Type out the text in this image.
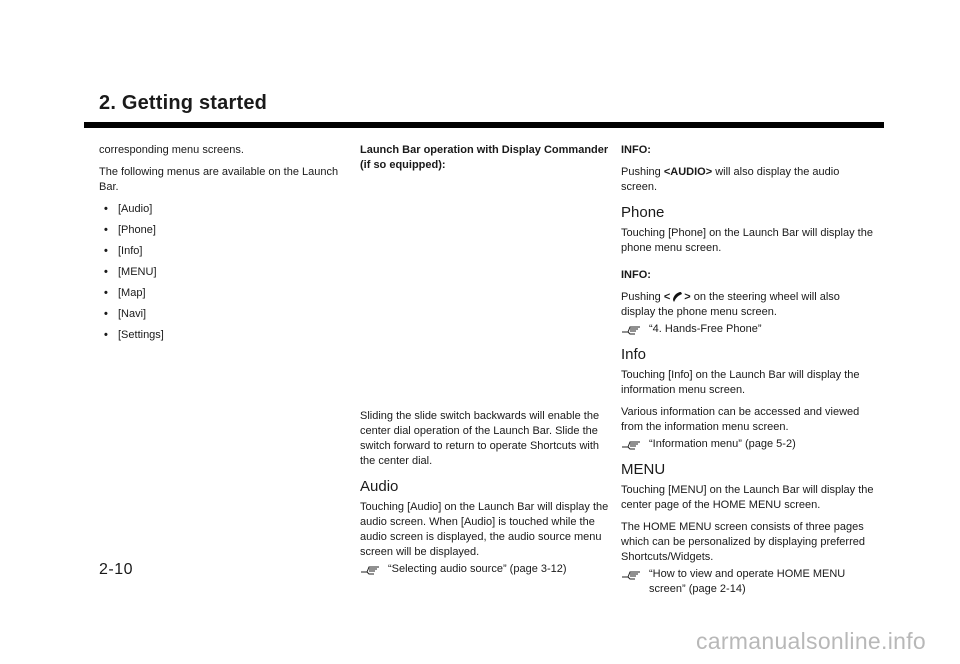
2. Getting started

corresponding menu screens.

The following menus are available on the Launch Bar.

• [Audio]
• [Phone]
• [Info]
• [MENU]
• [Map]
• [Navi]
• [Settings]

Launch Bar operation with Display Commander (if so equipped):

Sliding the slide switch backwards will enable the center dial operation of the Launch Bar. Slide the switch forward to return to operate Shortcuts with the center dial.

Audio

Touching [Audio] on the Launch Bar will display the audio screen. When [Audio] is touched while the audio screen is displayed, the audio source menu screen will be displayed.

“Selecting audio source” (page 3-12)

INFO:

Pushing <AUDIO> will also display the audio screen.

Phone

Touching [Phone] on the Launch Bar will display the phone menu screen.

INFO:

Pushing < > on the steering wheel will also display the phone menu screen.

“4. Hands-Free Phone”

Info

Touching [Info] on the Launch Bar will display the information menu screen.

Various information can be accessed and viewed from the information menu screen.

“Information menu” (page 5-2)

MENU

Touching [MENU] on the Launch Bar will display the center page of the HOME MENU screen.

The HOME MENU screen consists of three pages which can be personalized by displaying preferred Shortcuts/Widgets.

“How to view and operate HOME MENU screen” (page 2-14)

2-10
carmanualsonline.info
